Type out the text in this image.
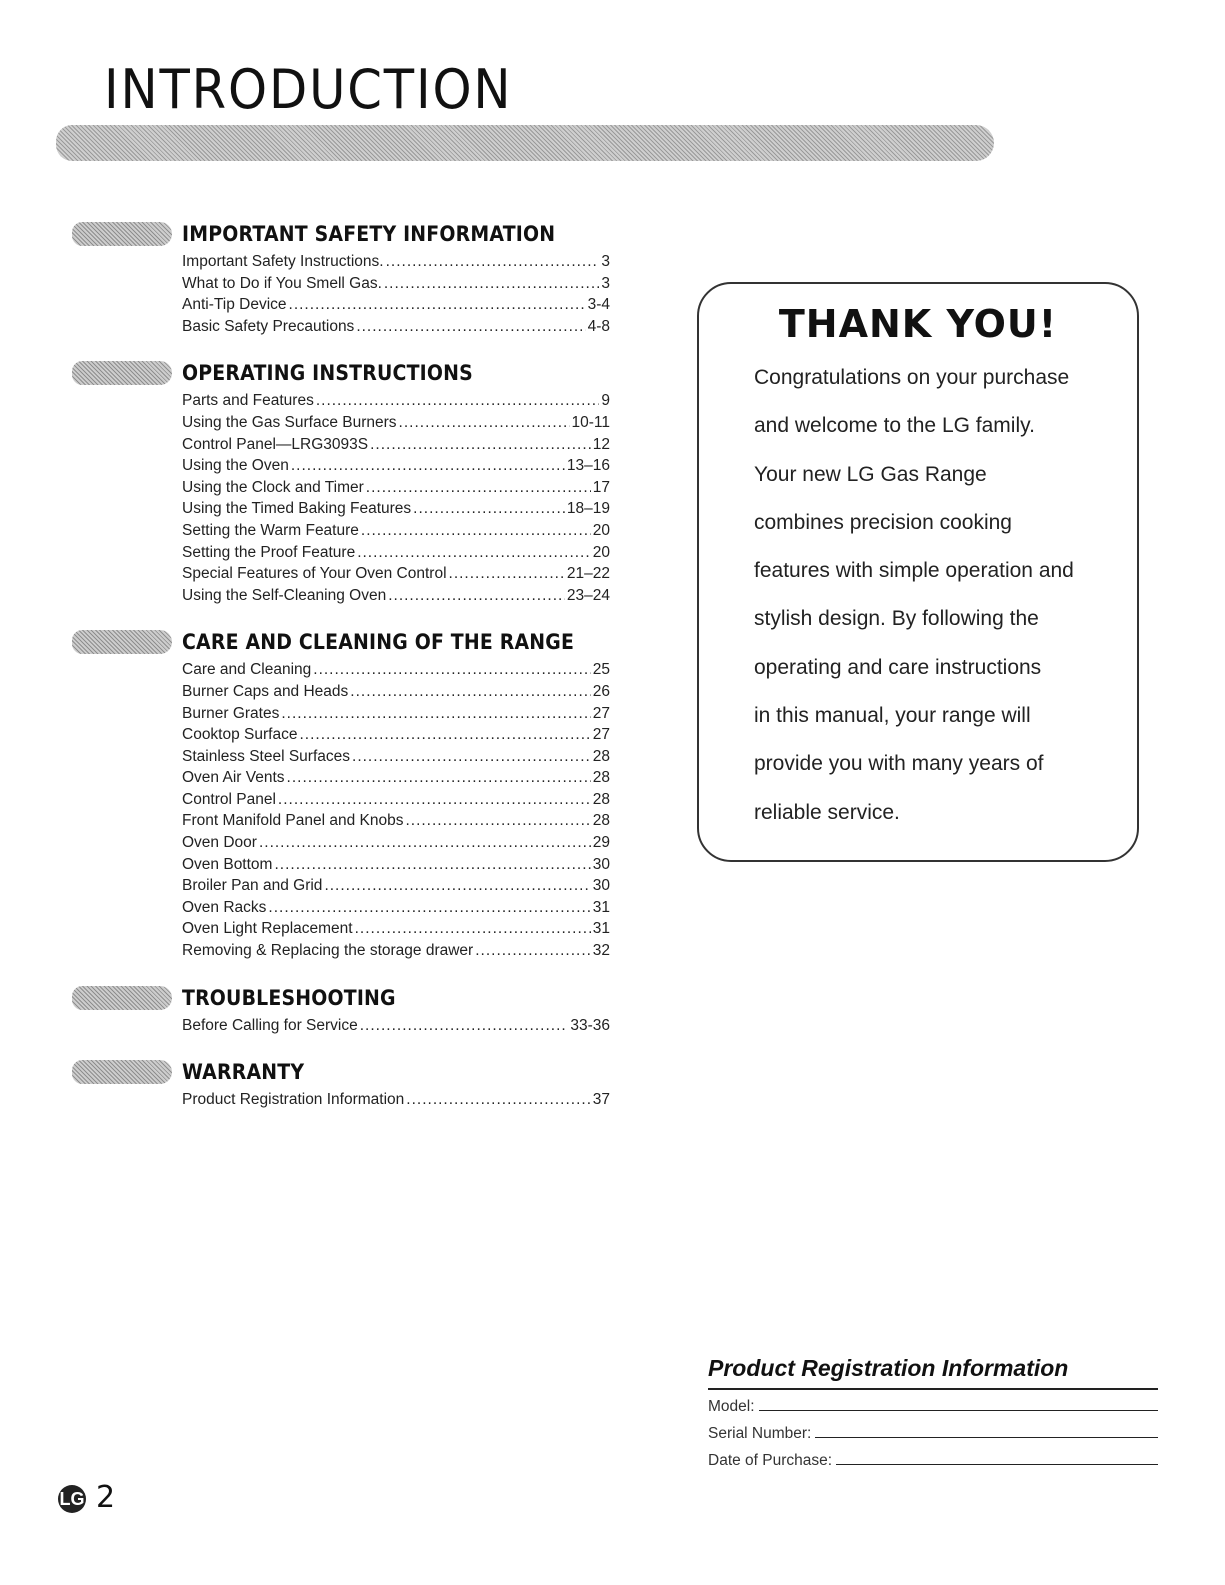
INTRODUCTION
IMPORTANT SAFETY INFORMATION
Important Safety Instructions. .....	3
What to Do if You Smell Gas. .....	3
Anti-Tip Device .....	3-4
Basic Safety Precautions .....	4-8
OPERATING INSTRUCTIONS
Parts and Features .....	9
Using the Gas Surface Burners .....	10-11
Control Panel—LRG3093S .....	12
Using the Oven .....	13–16
Using the Clock and Timer .....	17
Using the Timed Baking Features .....	18–19
Setting the Warm Feature .....	20
Setting the Proof Feature .....	20
Special Features of Your Oven Control .....	21–22
Using the Self-Cleaning Oven .....	23–24
CARE AND CLEANING OF THE RANGE
Care and Cleaning .....	25
Burner Caps and Heads .....	26
Burner Grates .....	27
Cooktop Surface .....	27
Stainless Steel Surfaces .....	28
Oven Air Vents .....	28
Control Panel .....	28
Front Manifold Panel and Knobs .....	28
Oven Door .....	29
Oven Bottom .....	30
Broiler Pan and Grid .....	30
Oven Racks .....	31
Oven Light Replacement .....	31
Removing & Replacing the storage drawer .....	32
TROUBLESHOOTING
Before Calling for Service .....	33-36
WARRANTY
Product Registration Information .....	37
THANK YOU!
Congratulations on your purchase
and welcome to the LG family.
Your new LG Gas Range
combines precision cooking
features with simple operation and
stylish design. By following the
operating and care instructions
in this manual, your range will
provide you with many years of
reliable service.
Product Registration Information
Model:
Serial Number:
Date of Purchase:
LG 2
